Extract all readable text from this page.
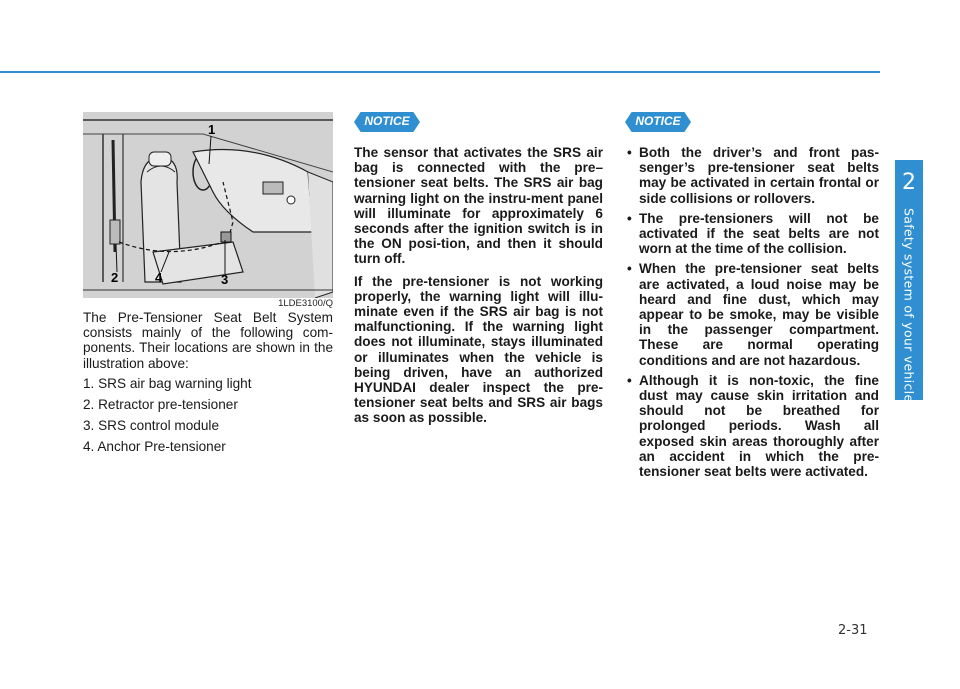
2
Safety system of your vehicle
2-31
1
2	4	3
1LDE3100/Q

The Pre-Tensioner Seat Belt System consists mainly of the following com-ponents. Their locations are shown in the illustration above:

1. SRS air bag warning light
2. Retractor pre-tensioner
3. SRS control module
4. Anchor Pre-tensioner
NOTICE

The sensor that activates the SRS air bag is connected with the pre–tensioner seat belts. The SRS air bag warning light on the instru-ment panel will illuminate for approximately 6 seconds after the ignition switch is in the ON posi-tion, and then it should turn off.

If the pre-tensioner is not working properly, the warning light will illu-minate even if the SRS air bag is not malfunctioning. If the warning light does not illuminate, stays illuminated or illuminates when the vehicle is being driven, have an authorized HYUNDAI dealer inspect the pre-tensioner seat belts and SRS air bags as soon as possible.

NOTICE
• Both the driver’s and front pas-senger’s pre-tensioner seat belts may be activated in certain frontal or side collisions or rollovers.
• The pre-tensioners will not be activated if the seat belts are not worn at the time of the collision.
• When the pre-tensioner seat belts are activated, a loud noise may be heard and fine dust, which may appear to be smoke, may be visible in the passenger compartment. These are normal operating conditions and are not hazardous.
• Although it is non-toxic, the fine dust may cause skin irritation and should not be breathed for prolonged periods. Wash all exposed skin areas thoroughly after an accident in which the pre-tensioner seat belts were activated.
